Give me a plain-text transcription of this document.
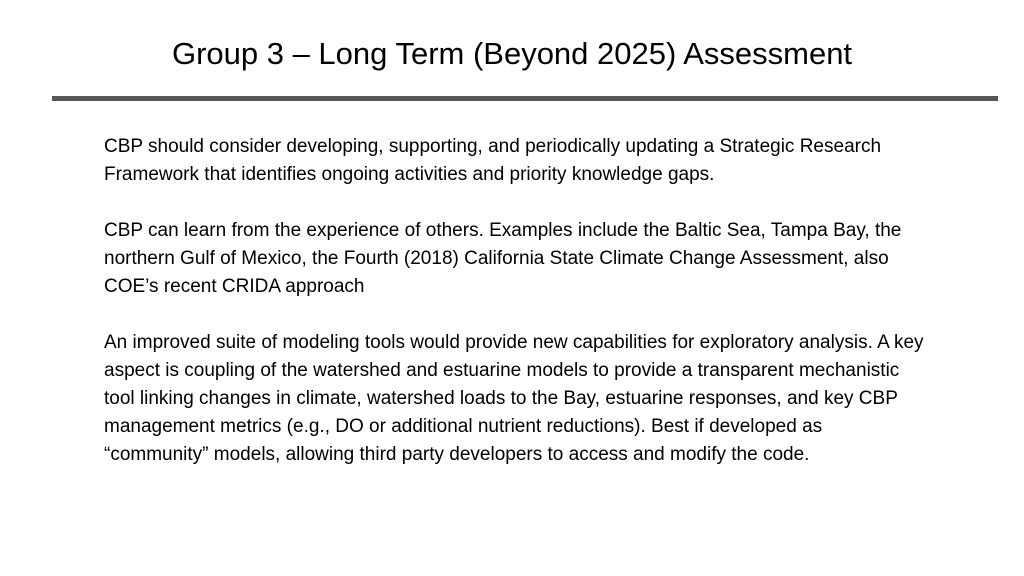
Group 3 – Long Term (Beyond 2025) Assessment

CBP should consider developing, supporting, and periodically updating a Strategic Research Framework that identifies ongoing activities and priority knowledge gaps.

CBP can learn from the experience of others. Examples include the Baltic Sea, Tampa Bay, the northern Gulf of Mexico, the Fourth (2018) California State Climate Change Assessment, also COE’s recent CRIDA approach

An improved suite of modeling tools would provide new capabilities for exploratory analysis. A key aspect is coupling of the watershed and estuarine models to provide a transparent mechanistic tool linking changes in climate, watershed loads to the Bay, estuarine responses, and key CBP management metrics (e.g., DO or additional nutrient reductions). Best if developed as “community” models, allowing third party developers to access and modify the code.
